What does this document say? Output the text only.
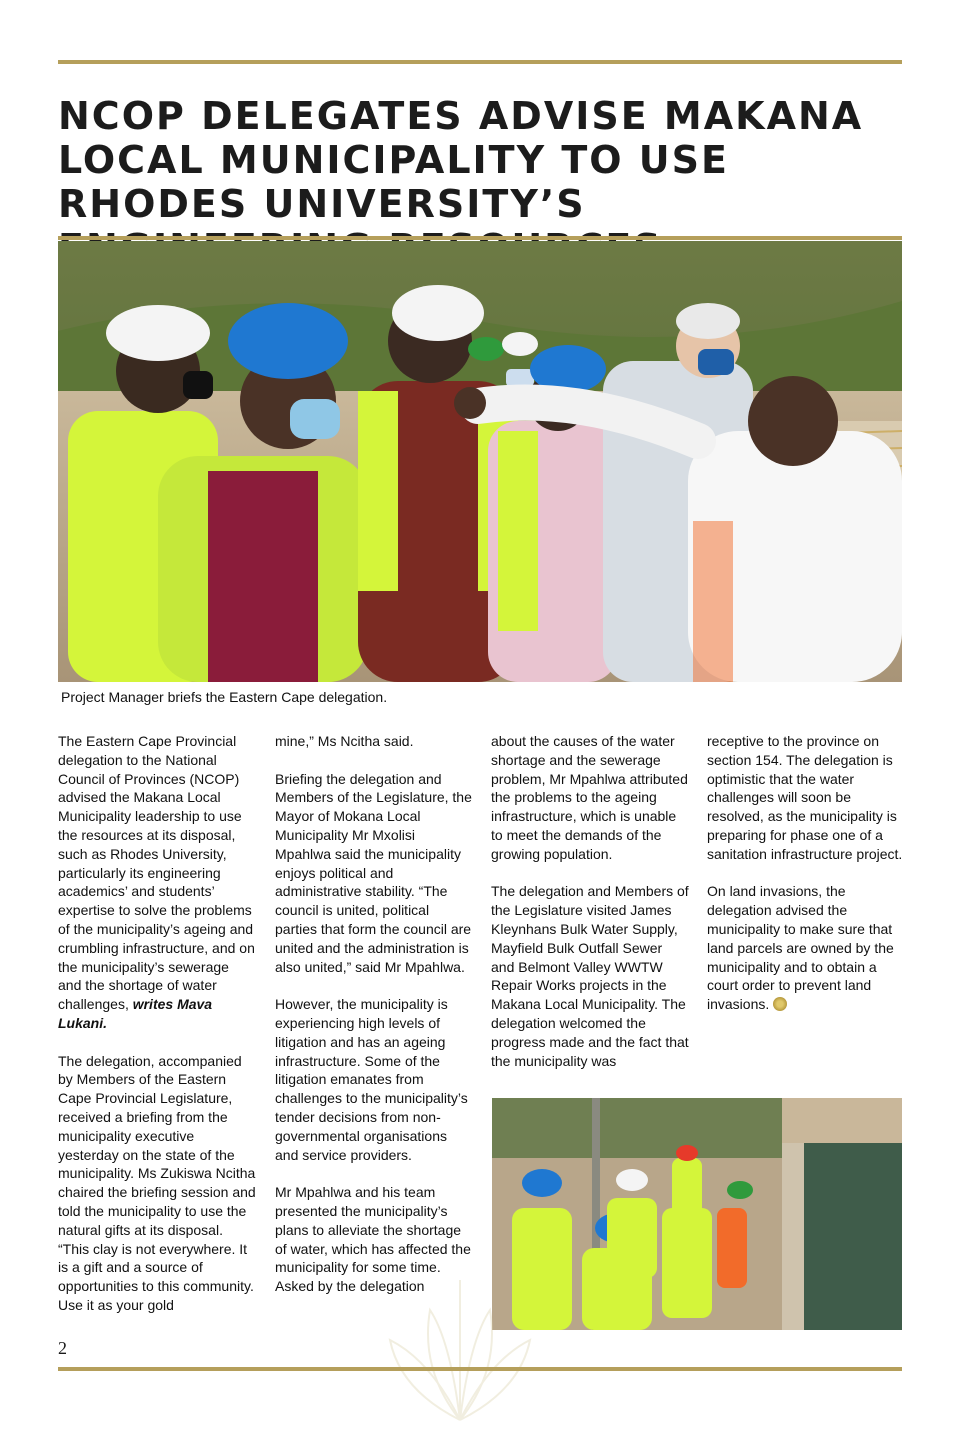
NCOP DELEGATES ADVISE MAKANA LOCAL MUNICIPALITY TO USE RHODES UNIVERSITY’S
Project Manager briefs the Eastern Cape delegation.

The Eastern Cape Provincial delegation to the National Council of Provinces (NCOP) advised the Makana Local Municipality leadership to use the resources at its disposal, such as Rhodes University, particularly its engineering academics’ and students’ expertise to solve the problems of the municipality’s ageing and crumbling infrastructure, and on the municipality’s sewerage and the shortage of water challenges, writes Mava Lukani.

The delegation, accompanied by Members of the Eastern Cape Provincial Legislature, received a briefing from the municipality executive yesterday on the state of the municipality. Ms Zukiswa Ncitha chaired the briefing session and told the municipality to use the natural gifts at its disposal. “This clay is not everywhere. It is a gift and a source of opportunities to this community. Use it as your gold

mine,” Ms Ncitha said.

Briefing the delegation and Members of the Legislature, the Mayor of Mokana Local Municipality Mr Mxolisi Mpahlwa said the municipality enjoys political and administrative stability. “The council is united, political parties that form the council are united and the administration is also united,” said Mr Mpahlwa.

However, the municipality is experiencing high levels of litigation and has an ageing infrastructure. Some of the litigation emanates from challenges to the municipality’s tender decisions from non-governmental organisations and service providers.

Mr Mpahlwa and his team presented the municipality’s plans to alleviate the shortage of water, which has affected the municipality for some time. Asked by the delegation

about the causes of the water shortage and the sewerage problem, Mr Mpahlwa attributed the problems to the ageing infrastructure, which is unable to meet the demands of the growing population.

The delegation and Members of the Legislature visited James Kleynhans Bulk Water Supply, Mayfield Bulk Outfall Sewer and Belmont Valley WWTW Repair Works projects in the Makana Local Municipality. The delegation welcomed the progress made and the fact that the municipality was

receptive to the province on section 154. The delegation is optimistic that the water challenges will soon be resolved, as the municipality is preparing for phase one of a sanitation infrastructure project.

On land invasions, the delegation advised the municipality to make sure that land parcels are owned by the municipality and to obtain a court order to prevent land invasions.

2
